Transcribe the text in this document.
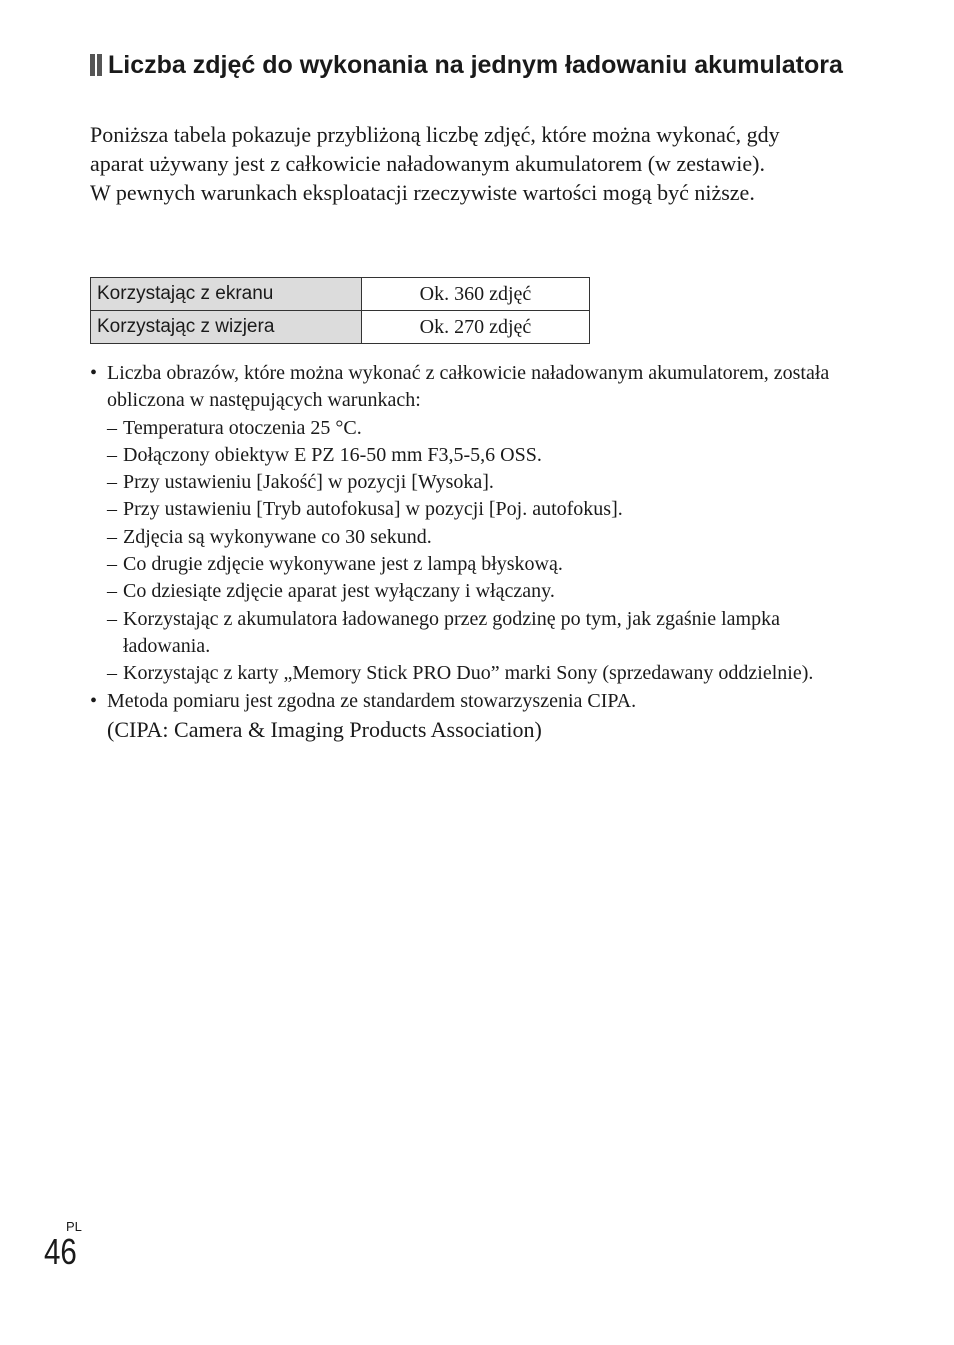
Liczba zdjęć do wykonania na jednym ładowaniu akumulatora

Poniższa tabela pokazuje przybliżoną liczbę zdjęć, które można wykonać, gdy aparat używany jest z całkowicie naładowanym akumulatorem (w zestawie).

W pewnych warunkach eksploatacji rzeczywiste wartości mogą być niższe.

Korzystając z ekranu	Ok. 360 zdjęć
Korzystając z wizjera	Ok. 270 zdjęć
• Liczba obrazów, które można wykonać z całkowicie naładowanym akumulatorem, została obliczona w następujących warunkach:
– Temperatura otoczenia 25 °C.
– Dołączony obiektyw E PZ 16-50 mm F3,5-5,6 OSS.
– Przy ustawieniu [Jakość] w pozycji [Wysoka].
– Przy ustawieniu [Tryb autofokusa] w pozycji [Poj. autofokus].
– Zdjęcia są wykonywane co 30 sekund.
– Co drugie zdjęcie wykonywane jest z lampą błyskową.
– Co dziesiąte zdjęcie aparat jest wyłączany i włączany.
– Korzystając z akumulatora ładowanego przez godzinę po tym, jak zgaśnie lampka ładowania.
– Korzystając z karty „Memory Stick PRO Duo” marki Sony (sprzedawany oddzielnie).
• Metoda pomiaru jest zgodna ze standardem stowarzyszenia CIPA.
(CIPA: Camera & Imaging Products Association)
PL
46
